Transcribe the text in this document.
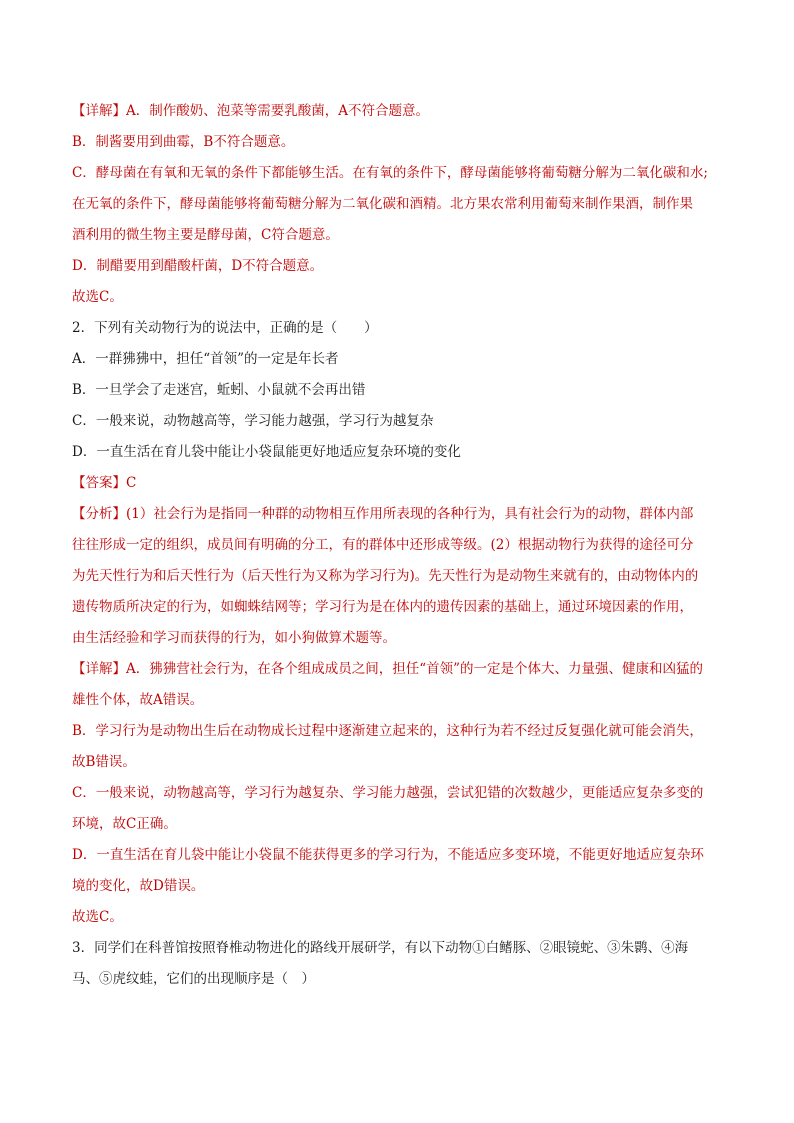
【详解】A．制作酸奶、泡菜等需要乳酸菌，A不符合题意。
B．制酱要用到曲霉，B不符合题意。
C．酵母菌在有氧和无氧的条件下都能够生活。在有氧的条件下，酵母菌能够将葡萄糖分解为二氧化碳和水;
在无氧的条件下，酵母菌能够将葡萄糖分解为二氧化碳和酒精。北方果农常利用葡萄来制作果酒，制作果
酒利用的微生物主要是酵母菌，C符合题意。
D．制醋要用到醋酸杆菌，D不符合题意。
故选C。
2．下列有关动物行为的说法中，正确的是（　　）
A．一群狒狒中，担任“首领”的一定是年长者
B．一旦学会了走迷宫，蚯蚓、小鼠就不会再出错
C．一般来说，动物越高等，学习能力越强，学习行为越复杂
D．一直生活在育儿袋中能让小袋鼠能更好地适应复杂环境的变化
【答案】C
【分析】(1）社会行为是指同一种群的动物相互作用所表现的各种行为，具有社会行为的动物，群体内部
往往形成一定的组织，成员间有明确的分工，有的群体中还形成等级。(2）根据动物行为获得的途径可分
为先天性行为和后天性行为（后天性行为又称为学习行为)。先天性行为是动物生来就有的，由动物体内的
遗传物质所决定的行为，如蜘蛛结网等；学习行为是在体内的遗传因素的基础上，通过环境因素的作用，
由生活经验和学习而获得的行为，如小狗做算术题等。
【详解】A．狒狒营社会行为，在各个组成成员之间，担任“首领”的一定是个体大、力量强、健康和凶猛的
雄性个体，故A错误。
B．学习行为是动物出生后在动物成长过程中逐渐建立起来的，这种行为若不经过反复强化就可能会消失，
故B错误。
C．一般来说，动物越高等，学习行为越复杂、学习能力越强，尝试犯错的次数越少，更能适应复杂多变的
环境，故C正确。
D．一直生活在育儿袋中能让小袋鼠不能获得更多的学习行为，不能适应多变环境，不能更好地适应复杂环
境的变化，故D错误。
故选C。
3．同学们在科普馆按照脊椎动物进化的路线开展研学，有以下动物①白鳍豚、②眼镜蛇、③朱鹮、④海
马、⑤虎纹蛙，它们的出现顺序是（　）
